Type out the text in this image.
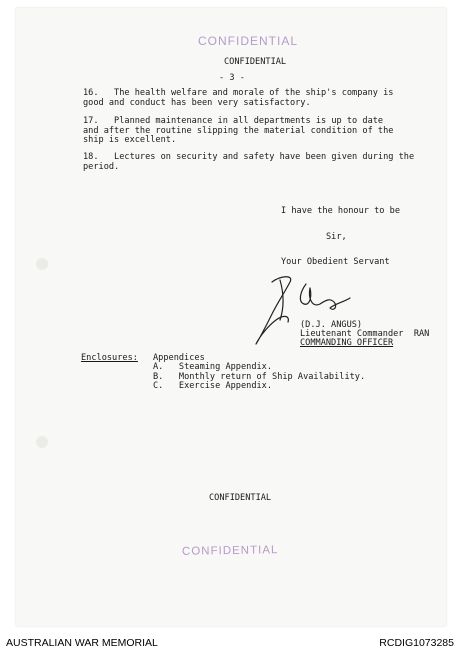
CONFIDENTIAL
CONFIDENTIAL
- 3 -
16.   The health welfare and morale of the ship's company is
good and conduct has been very satisfactory.
17.   Planned maintenance in all departments is up to date
and after the routine slipping the material condition of the
ship is excellent.
18.   Lectures on security and safety have been given during the
period.
I have the honour to be
Sir,
Your Obedient Servant
(D.J. ANGUS)
Lieutenant Commander  RAN
COMMANDING OFFICER
Enclosures: Appendices
A. Steaming Appendix.
B. Monthly return of Ship Availability.
C. Exercise Appendix.
CONFIDENTIAL
CONFIDENTIAL
AUSTRALIAN WAR MEMORIAL	RCDIG1073285
